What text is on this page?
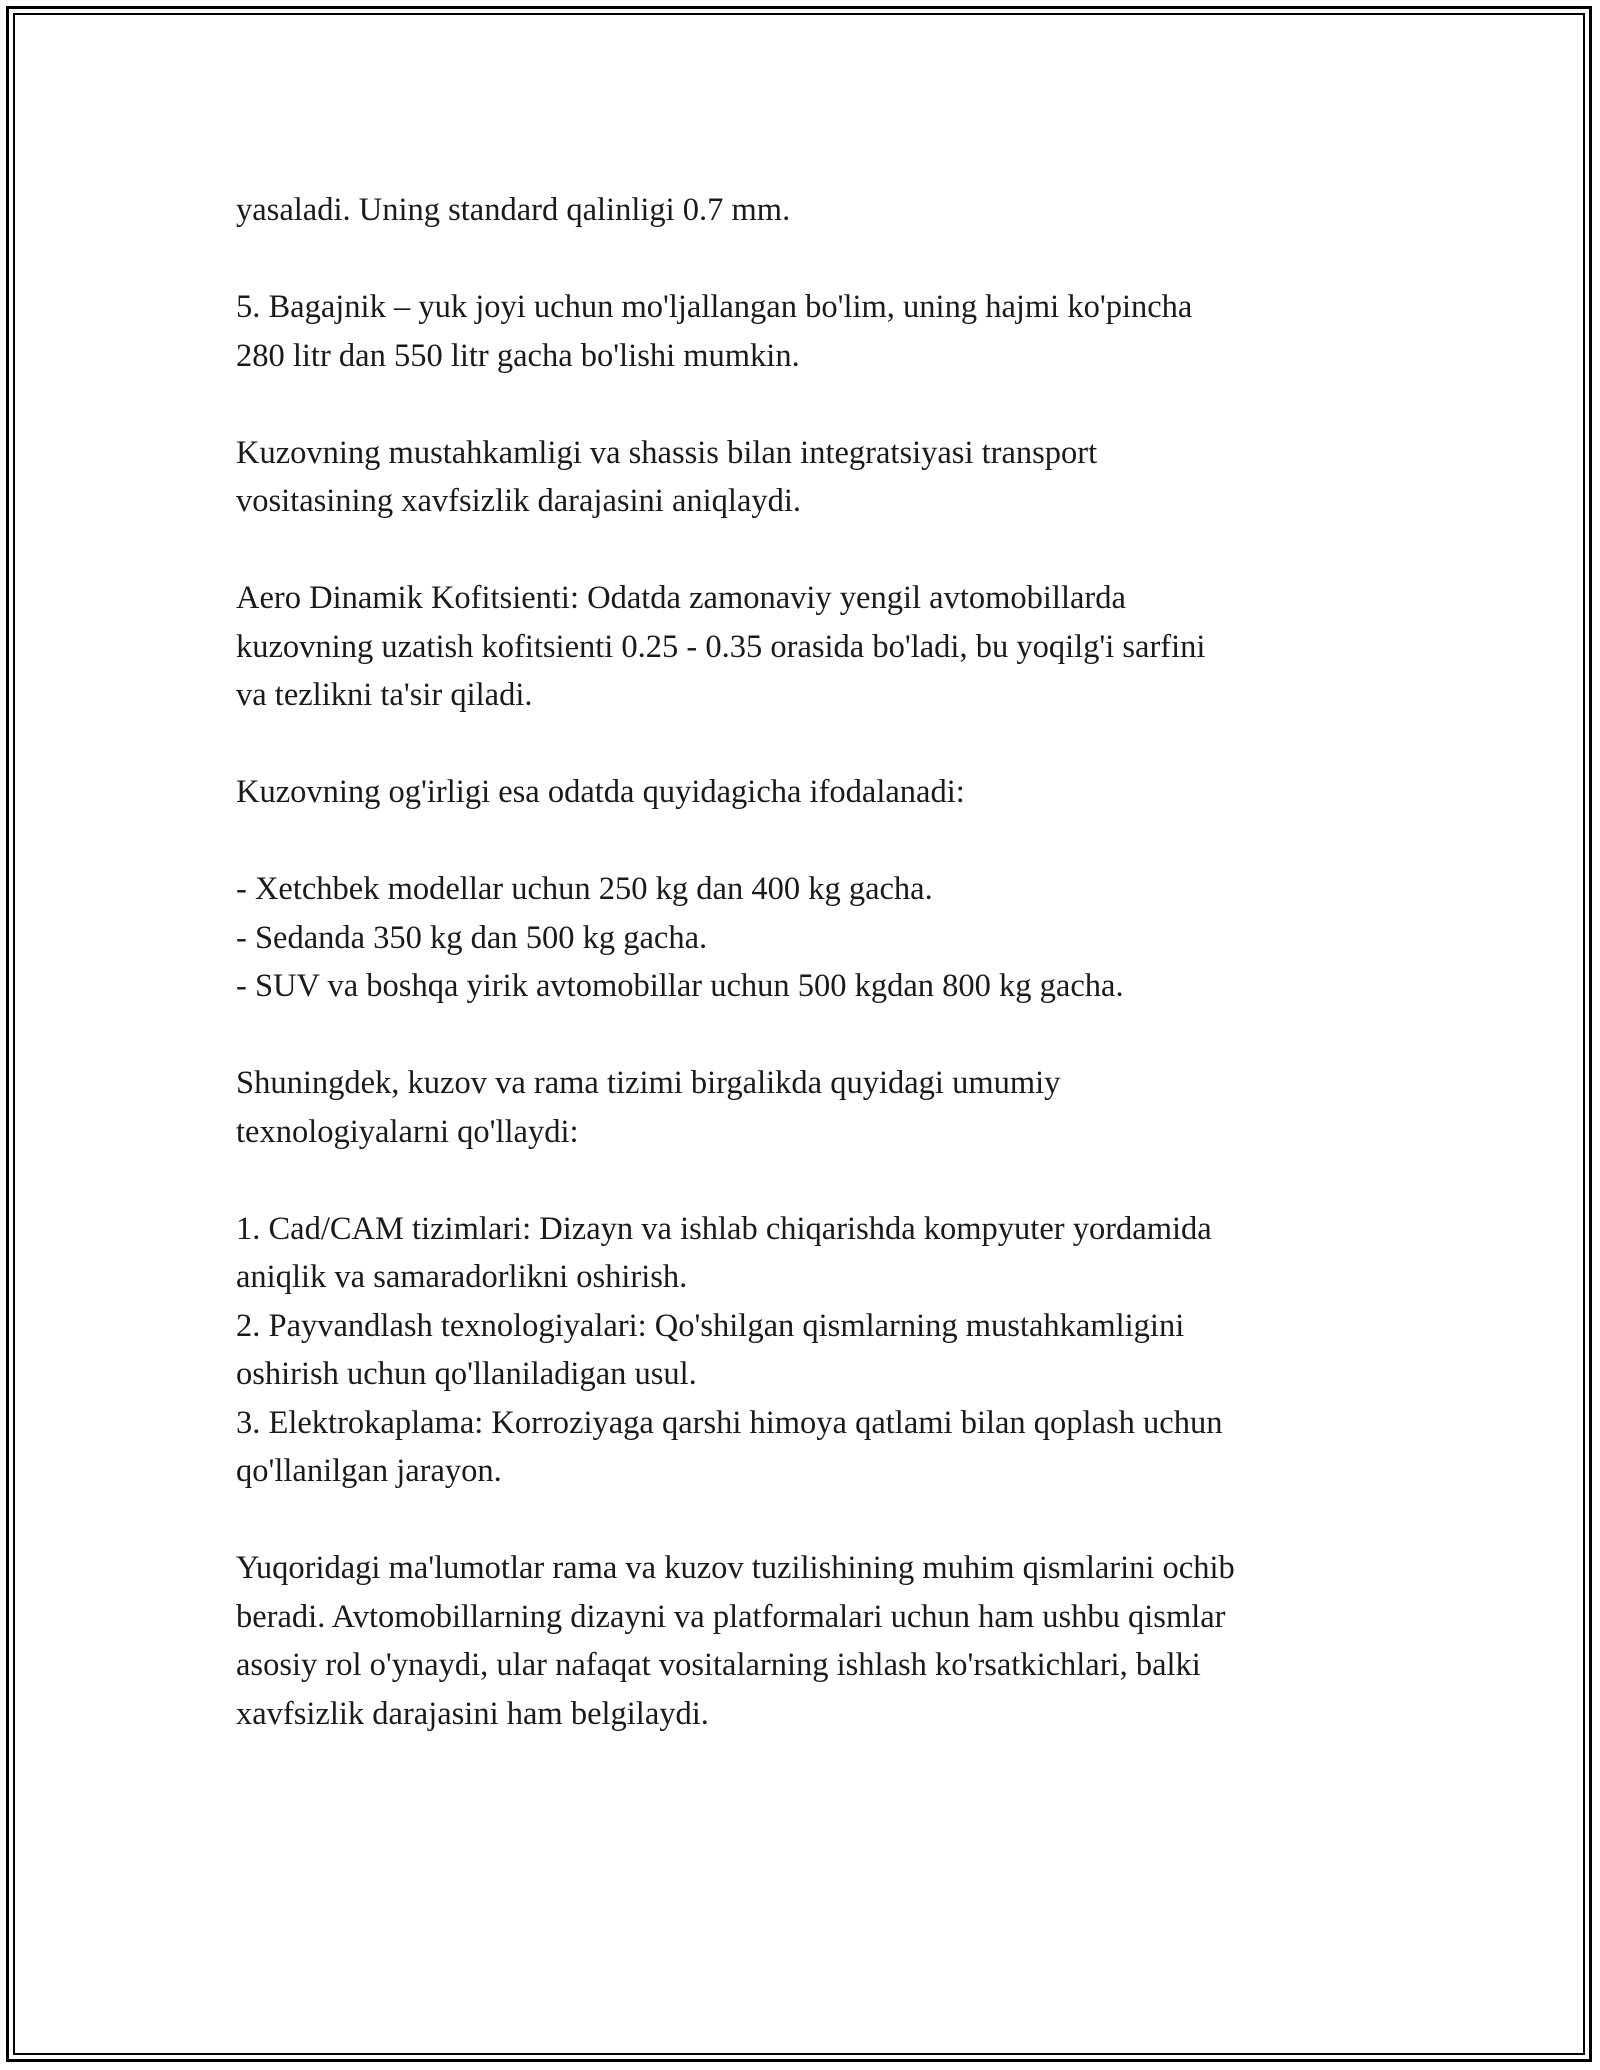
yasaladi. Uning standard qalinligi 0.7 mm.

5. Bagajnik – yuk joyi uchun mo'ljallangan bo'lim, uning hajmi ko'pincha
280 litr dan 550 litr gacha bo'lishi mumkin.

Kuzovning mustahkamligi va shassis bilan integratsiyasi transport
vositasining xavfsizlik darajasini aniqlaydi.

Aero Dinamik Kofitsienti: Odatda zamonaviy yengil avtomobillarda
kuzovning uzatish kofitsienti 0.25 - 0.35 orasida bo'ladi, bu yoqilg'i sarfini
va tezlikni ta'sir qiladi.

Kuzovning og'irligi esa odatda quyidagicha ifodalanadi:

- Xetchbek modellar uchun 250 kg dan 400 kg gacha.
- Sedanda 350 kg dan 500 kg gacha.
- SUV va boshqa yirik avtomobillar uchun 500 kgdan 800 kg gacha.

Shuningdek, kuzov va rama tizimi birgalikda quyidagi umumiy
texnologiyalarni qo'llaydi:

1. Cad/CAM tizimlari: Dizayn va ishlab chiqarishda kompyuter yordamida
aniqlik va samaradorlikni oshirish.
2. Payvandlash texnologiyalari: Qo'shilgan qismlarning mustahkamligini
oshirish uchun qo'llaniladigan usul.
3. Elektrokaplama: Korroziyaga qarshi himoya qatlami bilan qoplash uchun
qo'llanilgan jarayon.

Yuqoridagi ma'lumotlar rama va kuzov tuzilishining muhim qismlarini ochib
beradi. Avtomobillarning dizayni va platformalari uchun ham ushbu qismlar
asosiy rol o'ynaydi, ular nafaqat vositalarning ishlash ko'rsatkichlari, balki
xavfsizlik darajasini ham belgilaydi.
